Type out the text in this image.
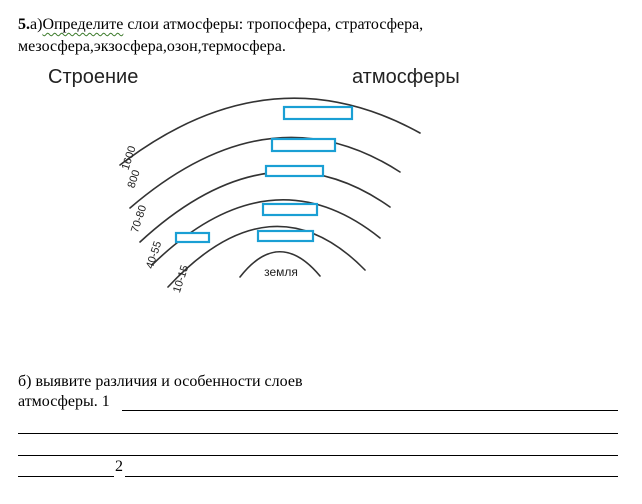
5.а)Определите слои атмосферы: тропосфера, стратосфера,
мезосфера,экзосфера,озон,термосфера.
Строение	атмосферы
1600
800
70-80
40-55
10-15	земля
б) выявите различия и особенности слоев
атмосферы. 1
2
